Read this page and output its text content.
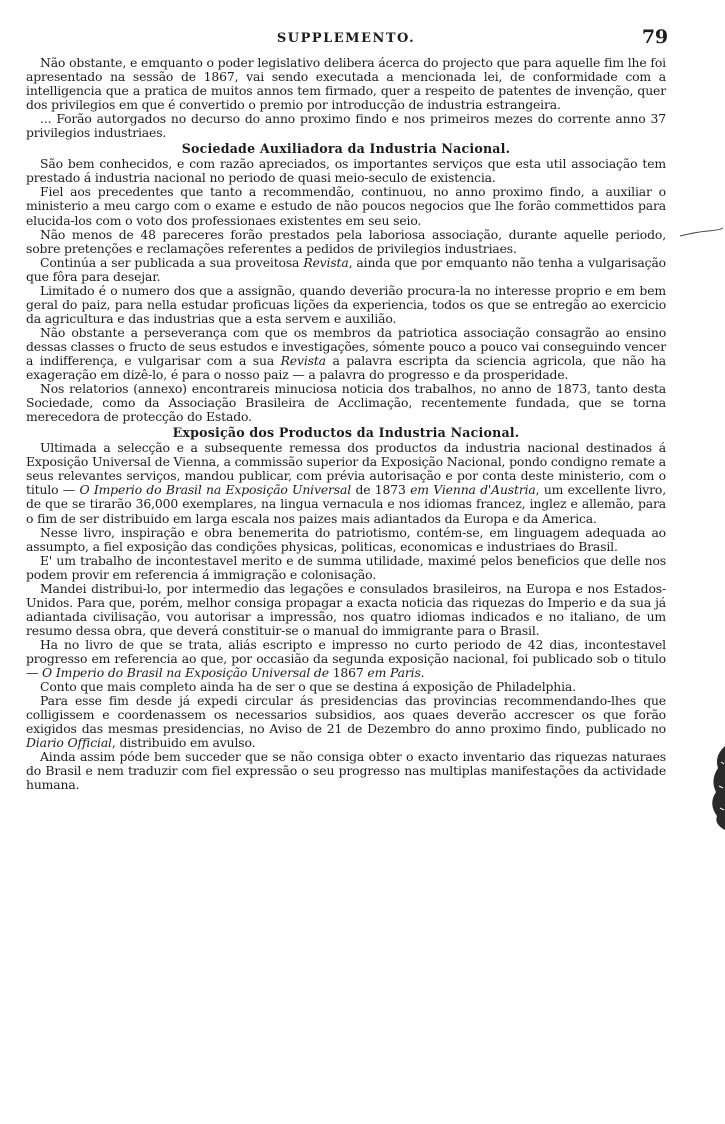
SUPPLEMENTO.	79

Não obstante, e emquanto o poder legislativo delibera ácerca do projecto que para aquelle fim lhe foi apresentado na sessão de 1867, vai sendo executada a mencionada lei, de conformidade com a intelligencia que a pratica de muitos annos tem firmado, quer a respeito de patentes de invenção, quer dos privilegios em que é convertido o premio por introducção de industria estrangeira.

... Forão autorgados no decurso do anno proximo findo e nos primeiros mezes do corrente anno 37 privilegios industriaes.

Sociedade Auxiliadora da Industria Nacional.

São bem conhecidos, e com razão apreciados, os importantes serviços que esta util associação tem prestado á industria nacional no periodo de quasi meio-seculo de existencia.

Fiel aos precedentes que tanto a recommendão, continuou, no anno proximo findo, a auxiliar o ministerio a meu cargo com o exame e estudo de não poucos negocios que lhe forão commettidos para elucida-los com o voto dos professionaes existentes em seu seio.

Não menos de 48 pareceres forão prestados pela laboriosa associação, durante aquelle periodo, sobre pretenções e reclamações referentes a pedidos de privilegios industriaes.

Continúa a ser publicada a sua proveitosa Revista, ainda que por emquanto não tenha a vulgarisação que fôra para desejar.

Limitado é o numero dos que a assignão, quando deverião procura-la no interesse proprio e em bem geral do paiz, para nella estudar proficuas lições da experiencia, todos os que se entregão ao exercicio da agricultura e das industrias que a esta servem e auxilião.

Não obstante a perseverança com que os membros da patriotica associação consagrão ao ensino dessas classes o fructo de seus estudos e investigações, sómente pouco a pouco vai conseguindo vencer a indifferença, e vulgarisar com a sua Revista a palavra escripta da sciencia agricola, que não ha exageração em dizê-lo, é para o nosso paiz — a palavra do progresso e da prosperidade.

Nos relatorios (annexo) encontrareis minuciosa noticia dos trabalhos, no anno de 1873, tanto desta Sociedade, como da Associação Brasileira de Acclimação, recentemente fundada, que se torna merecedora de protecção do Estado.

Exposição dos Productos da Industria Nacional.

Ultimada a selecção e a subsequente remessa dos productos da industria nacional destinados á Exposição Universal de Vienna, a commissão superior da Exposição Nacional, pondo condigno remate a seus relevantes serviços, mandou publicar, com prévia autorisação e por conta deste ministerio, com o titulo — O Imperio do Brasil na Exposição Universal de 1873 em Vienna d'Austria, um excellente livro, de que se tirarão 36,000 exemplares, na lingua vernacula e nos idiomas francez, inglez e allemão, para o fim de ser distribuido em larga escala nos paizes mais adiantados da Europa e da America.

Nesse livro, inspiração e obra benemerita do patriotismo, contém-se, em linguagem adequada ao assumpto, a fiel exposição das condições physicas, politicas, economicas e industriaes do Brasil.

E' um trabalho de incontestavel merito e de summa utilidade, maximé pelos beneficios que delle nos podem provir em referencia á immigração e colonisação.

Mandei distribui-lo, por intermedio das legações e consulados brasileiros, na Europa e nos Estados-Unidos. Para que, porém, melhor consiga propagar a exacta noticia das riquezas do Imperio e da sua já adiantada civilisação, vou autorisar a impressão, nos quatro idiomas indicados e no italiano, de um resumo dessa obra, que deverá constituir-se o manual do immigrante para o Brasil.

Ha no livro de que se trata, aliás escripto e impresso no curto periodo de 42 dias, incontestavel progresso em referencia ao que, por occasião da segunda exposição nacional, foi publicado sob o titulo — O Imperio do Brasil na Exposição Universal de 1867 em Paris.

Conto que mais completo ainda ha de ser o que se destina á exposição de Philadelphia.

Para esse fim desde já expedi circular ás presidencias das provincias recommendando-lhes que colligissem e coordenassem os necessarios subsidios, aos quaes deverão accrescer os que forão exigidos das mesmas presidencias, no Aviso de 21 de Dezembro do anno proximo findo, publicado no Diario Official, distribuido em avulso.

Ainda assim póde bem succeder que se não consiga obter o exacto inventario das riquezas naturaes do Brasil e nem traduzir com fiel expressão o seu progresso nas multiplas manifestações da actividade humana.
